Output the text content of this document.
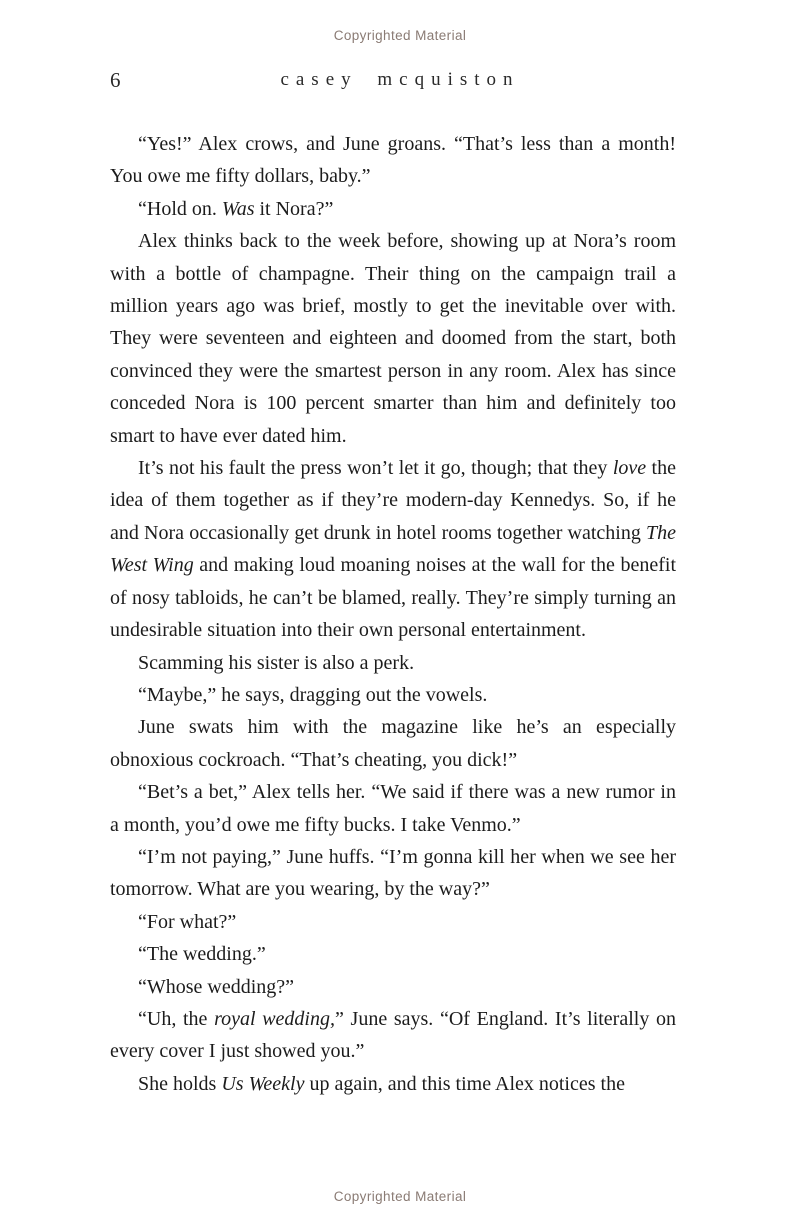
Copyrighted Material
6	casey mcquiston

“Yes!” Alex crows, and June groans. “That’s less than a month! You owe me fifty dollars, baby.”

“Hold on. Was it Nora?”

Alex thinks back to the week before, showing up at Nora’s room with a bottle of champagne. Their thing on the campaign trail a million years ago was brief, mostly to get the inevitable over with. They were seventeen and eighteen and doomed from the start, both convinced they were the smartest person in any room. Alex has since conceded Nora is 100 percent smarter than him and definitely too smart to have ever dated him.

It’s not his fault the press won’t let it go, though; that they love the idea of them together as if they’re modern-day Kennedys. So, if he and Nora occasionally get drunk in hotel rooms together watching The West Wing and making loud moaning noises at the wall for the benefit of nosy tabloids, he can’t be blamed, really. They’re simply turning an undesirable situation into their own personal entertainment.

Scamming his sister is also a perk.

“Maybe,” he says, dragging out the vowels.

June swats him with the magazine like he’s an especially obnoxious cockroach. “That’s cheating, you dick!”

“Bet’s a bet,” Alex tells her. “We said if there was a new rumor in a month, you’d owe me fifty bucks. I take Venmo.”

“I’m not paying,” June huffs. “I’m gonna kill her when we see her tomorrow. What are you wearing, by the way?”

“For what?”

“The wedding.”

“Whose wedding?”

“Uh, the royal wedding,” June says. “Of England. It’s literally on every cover I just showed you.”

She holds Us Weekly up again, and this time Alex notices the

Copyrighted Material
